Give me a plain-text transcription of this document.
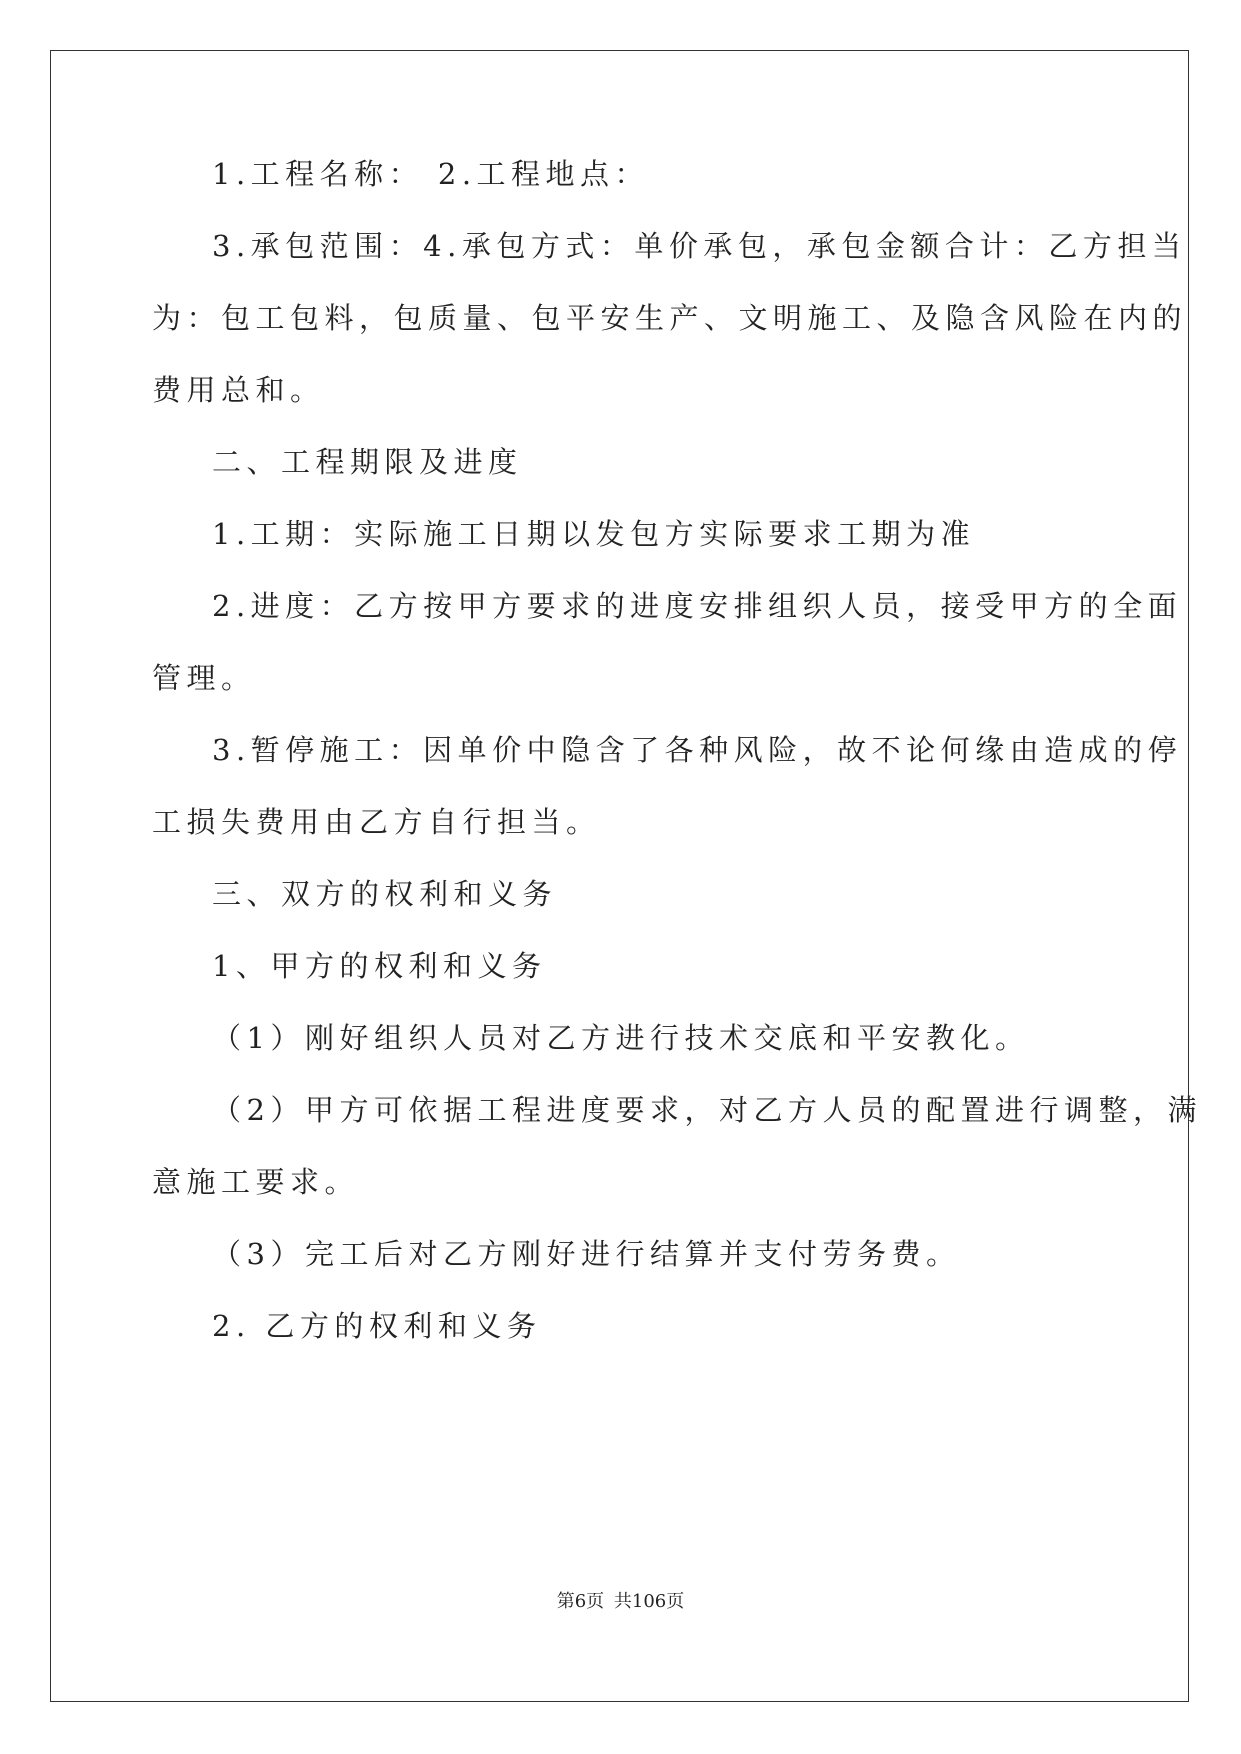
1.工程名称： 2.工程地点：
3.承包范围：4.承包方式：单价承包，承包金额合计：乙方担当
为：包工包料，包质量、包平安生产、文明施工、及隐含风险在内的
费用总和。
二、工程期限及进度
1.工期：实际施工日期以发包方实际要求工期为准
2.进度：乙方按甲方要求的进度安排组织人员，接受甲方的全面
管理。
3.暂停施工：因单价中隐含了各种风险，故不论何缘由造成的停
工损失费用由乙方自行担当。
三、双方的权利和义务
1、甲方的权利和义务
（1）刚好组织人员对乙方进行技术交底和平安教化。
（2）甲方可依据工程进度要求，对乙方人员的配置进行调整，满
意施工要求。
（3）完工后对乙方刚好进行结算并支付劳务费。
2. 乙方的权利和义务
第6页 共106页
